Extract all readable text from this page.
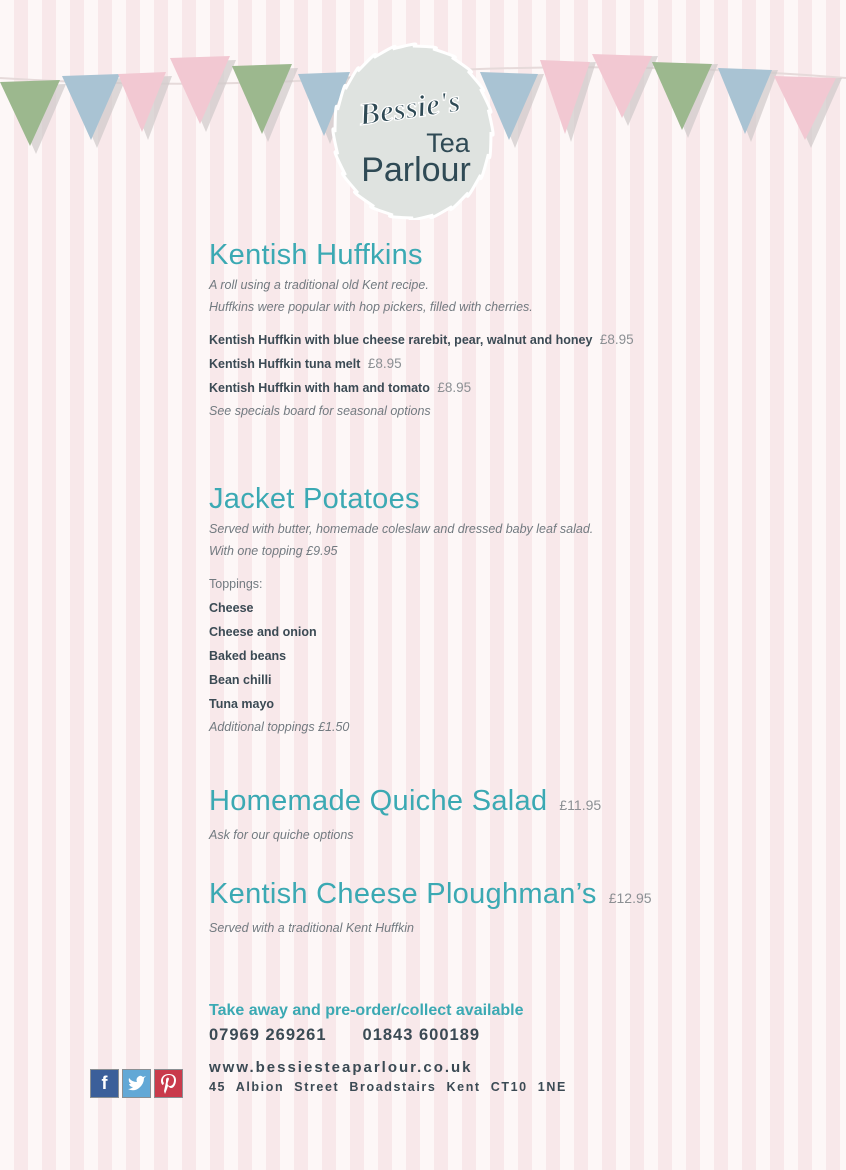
Bessie's
Tea
Parlour
Kentish Huffkins
A roll using a traditional old Kent recipe.
Huffkins were popular with hop pickers, filled with cherries.
Kentish Huffkin with blue cheese rarebit, pear, walnut and honey £8.95
Kentish Huffkin tuna melt £8.95
Kentish Huffkin with ham and tomato £8.95
See specials board for seasonal options
Jacket Potatoes
Served with butter, homemade coleslaw and dressed baby leaf salad.
With one topping £9.95
Toppings:
Cheese
Cheese and onion
Baked beans
Bean chilli
Tuna mayo
Additional toppings £1.50
Homemade Quiche Salad £11.95
Ask for our quiche options
Kentish Cheese Ploughman’s £12.95
Served with a traditional Kent Huffkin
Take away and pre-order/collect available
07969 269261 01843 600189
www.bessiesteaparlour.co.uk
45 Albion Street Broadstairs Kent CT10 1NE
f
